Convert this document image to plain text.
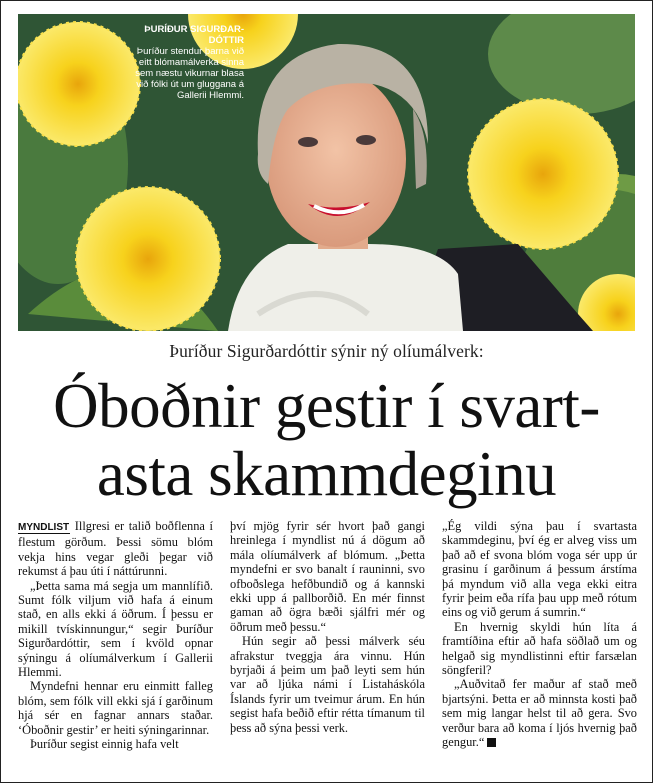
ÞURÍÐUR SIGURÐAR-DÓTTIR
Þuríður stendur þarna við eitt blómamálverka sinna sem næstu vikurnar blasa við fólki út um gluggana á Gallerii Hlemmi.
Þuríður Sigurðardóttir sýnir ný olíumálverk:
Óboðnir gestir í svart-
asta skammdeginu

MYNDLIST Illgresi er talið boðflenna í flestum görðum. Þessi sömu blóm vekja hins vegar gleði þegar við rekumst á þau úti í náttúrunni.

„Þetta sama má segja um mannlífið. Sumt fólk viljum við hafa á einum stað, en alls ekki á öðrum. Í þessu er mikill tvískinnungur,“ segir Þuríður Sigurðardóttir, sem í kvöld opnar sýningu á olíumálverkum í Gallerii Hlemmi.

Myndefni hennar eru einmitt falleg blóm, sem fólk vill ekki sjá í garðinum hjá sér en fagnar annars staðar. ‘Óboðnir gestir’ er heiti sýningarinnar.

Þuríður segist einnig hafa velt

því mjög fyrir sér hvort það gangi hreinlega í myndlist nú á dögum að mála olíumálverk af blómum. „Þetta myndefni er svo banalt í rauninni, svo ofboðslega hefðbundið og á kannski ekki upp á pallborðið. En mér finnst gaman að ögra bæði sjálfri mér og öðrum með þessu.“

Hún segir að þessi málverk séu afrakstur tveggja ára vinnu. Hún byrjaði á þeim um það leyti sem hún var að ljúka námi í Listaháskóla Íslands fyrir um tveimur árum. En hún segist hafa beðið eftir rétta tímanum til þess að sýna þessi verk.

„Ég vildi sýna þau í svartasta skammdeginu, því ég er alveg viss um það að ef svona blóm voga sér upp úr grasinu í garðinum á þessum árstíma þá myndum við alla vega ekki eitra fyrir þeim eða rífa þau upp með rótum eins og við gerum á sumrin.“

En hvernig skyldi hún líta á framtíðina eftir að hafa söðlað um og helgað sig myndlistinni eftir farsælan söngferil?

„Auðvitað fer maður af stað með bjartsýni. Þetta er að minnsta kosti það sem mig langar helst til að gera. Svo verður bara að koma í ljós hvernig það gengur.“
